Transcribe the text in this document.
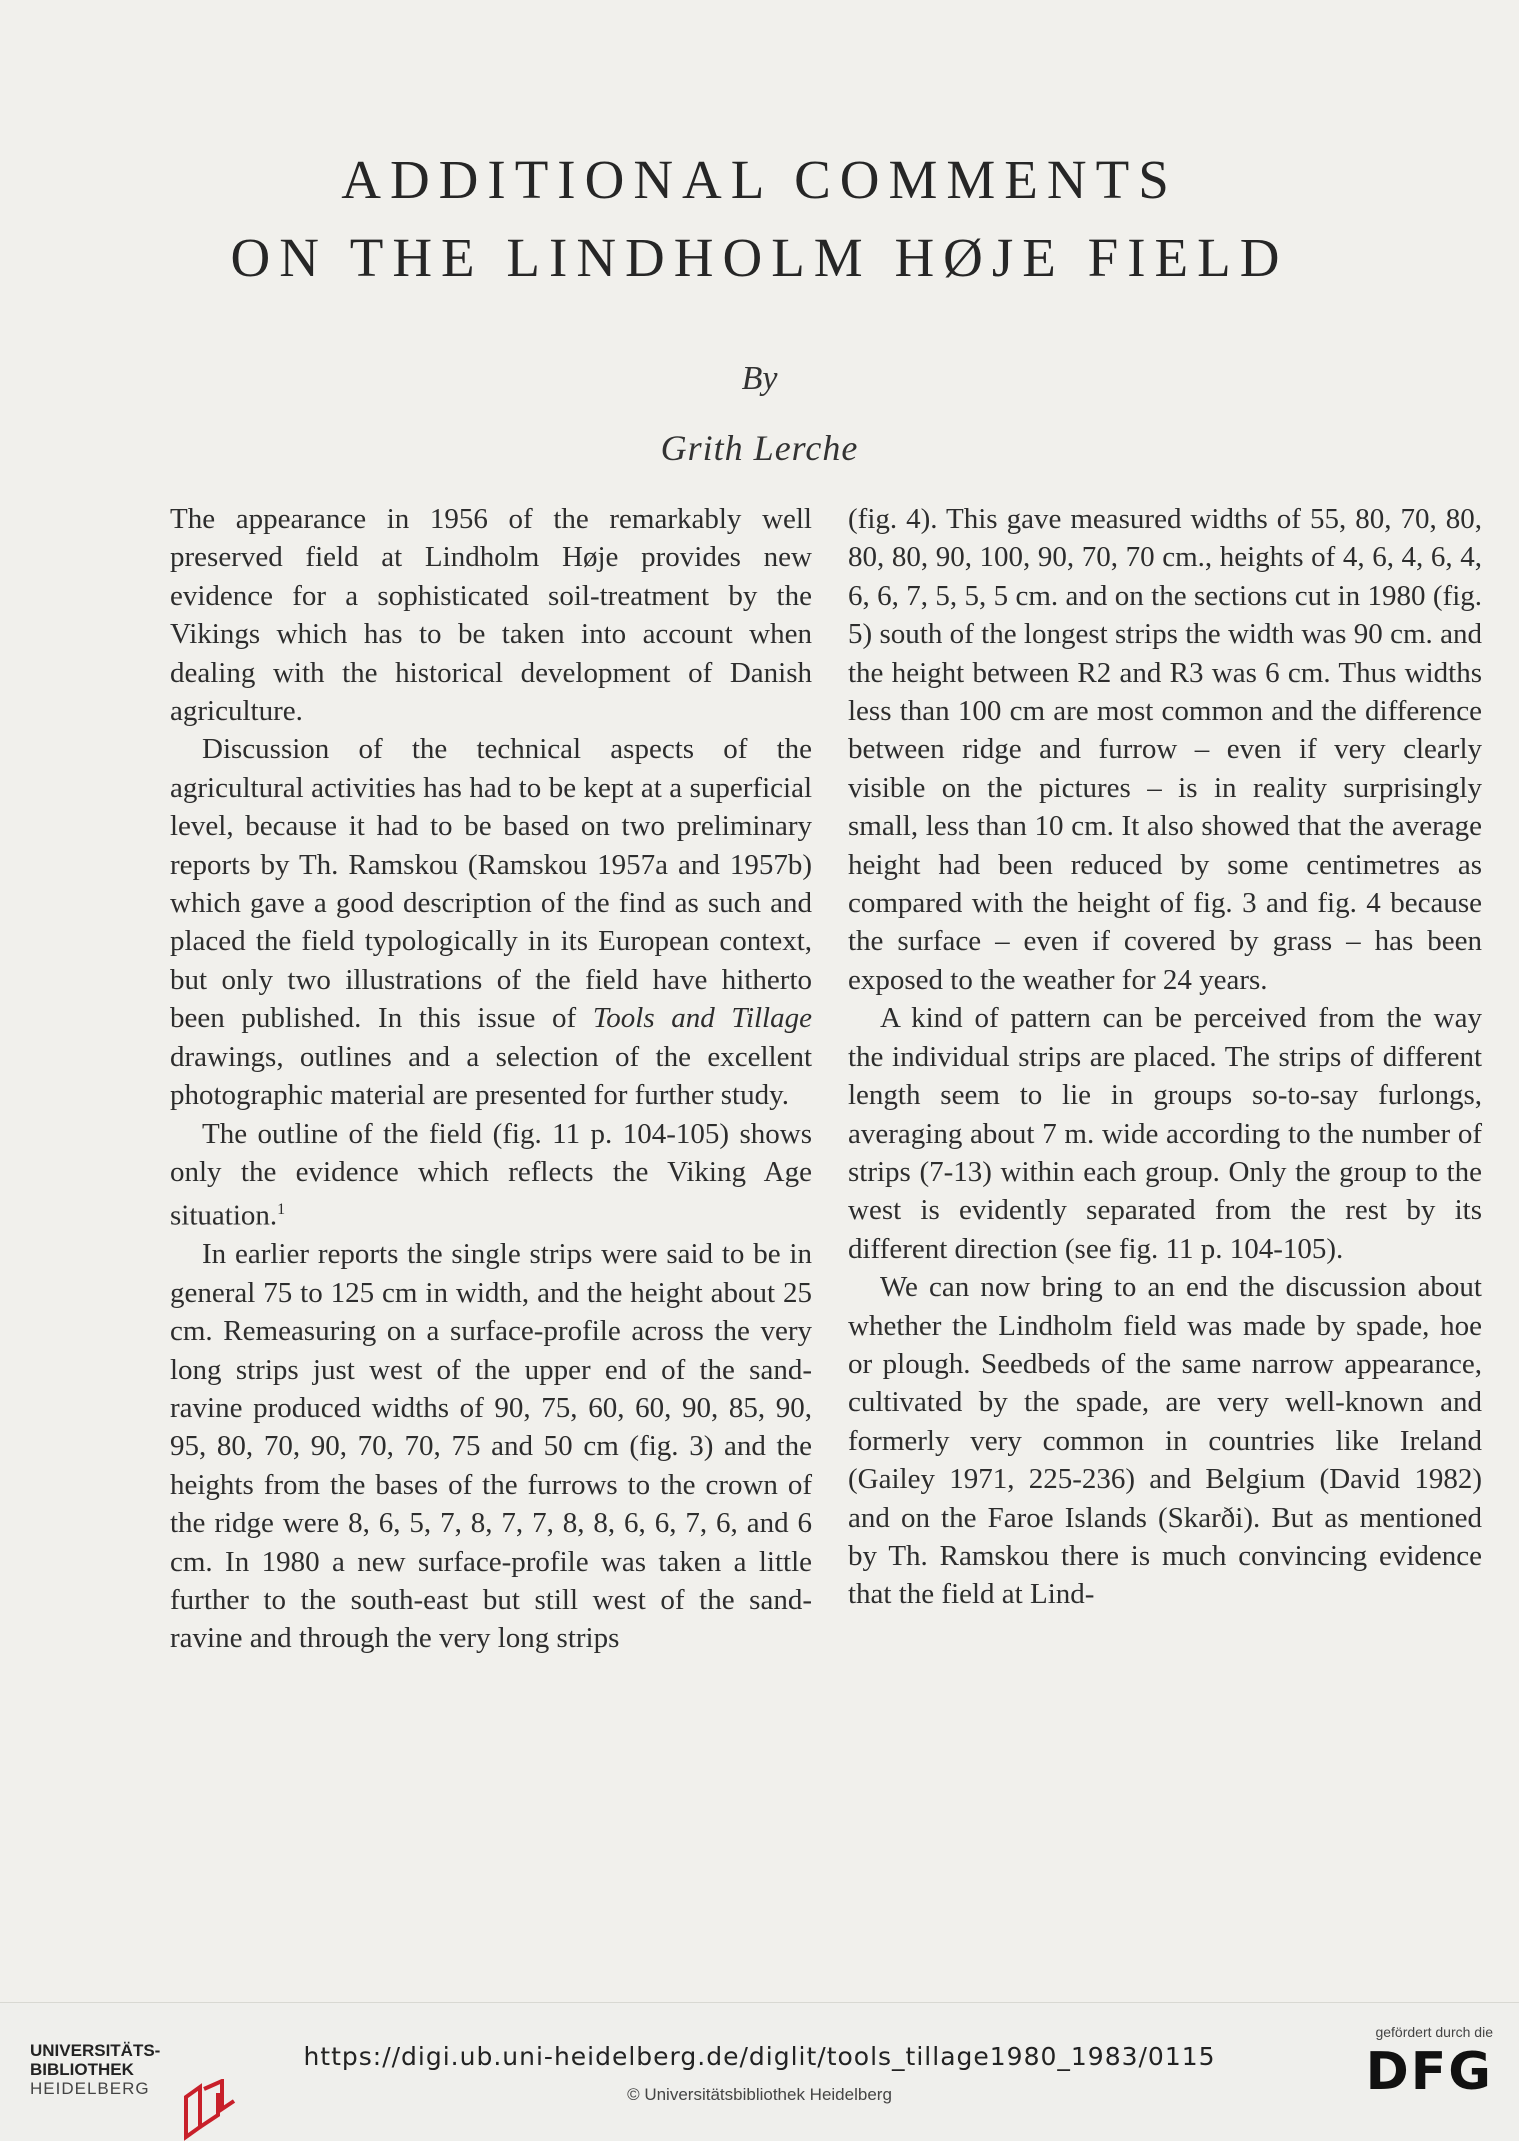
ADDITIONAL COMMENTS
ON THE LINDHOLM HØJE FIELD
By
Grith Lerche

The appearance in 1956 of the remarkably well preserved field at Lindholm Høje provides new evidence for a sophisticated soil-treatment by the Vikings which has to be taken into account when dealing with the historical development of Danish agriculture.

Discussion of the technical aspects of the agricultural activities has had to be kept at a superficial level, because it had to be based on two preliminary reports by Th. Ramskou (Ramskou 1957a and 1957b) which gave a good description of the find as such and placed the field typologically in its European context, but only two illustrations of the field have hitherto been published. In this issue of Tools and Tillage drawings, outlines and a selection of the excellent photographic material are presented for further study.

The outline of the field (fig. 11 p. 104-105) shows only the evidence which reflects the Viking Age situation.$^1$

In earlier reports the single strips were said to be in general 75 to 125 cm in width, and the height about 25 cm. Remeasuring on a surface-profile across the very long strips just west of the upper end of the sand-ravine produced widths of 90, 75, 60, 60, 90, 85, 90, 95, 80, 70, 90, 70, 70, 75 and 50 cm (fig. 3) and the heights from the bases of the furrows to the crown of the ridge were 8, 6, 5, 7, 8, 7, 7, 8, 8, 6, 6, 7, 6, and 6 cm. In 1980 a new surface-profile was taken a little further to the south-east but still west of the sand-ravine and through the very long strips

(fig. 4). This gave measured widths of 55, 80, 70, 80, 80, 80, 90, 100, 90, 70, 70 cm., heights of 4, 6, 4, 6, 4, 6, 6, 7, 5, 5, 5 cm. and on the sections cut in 1980 (fig. 5) south of the longest strips the width was 90 cm. and the height between R2 and R3 was 6 cm. Thus widths less than 100 cm are most common and the difference between ridge and furrow – even if very clearly visible on the pictures – is in reality surprisingly small, less than 10 cm. It also showed that the average height had been reduced by some centimetres as compared with the height of fig. 3 and fig. 4 because the surface – even if covered by grass – has been exposed to the weather for 24 years.

A kind of pattern can be perceived from the way the individual strips are placed. The strips of different length seem to lie in groups so-to-say furlongs, averaging about 7 m. wide according to the number of strips (7-13) within each group. Only the group to the west is evidently separated from the rest by its different direction (see fig. 11 p. 104-105).

We can now bring to an end the discussion about whether the Lindholm field was made by spade, hoe or plough. Seedbeds of the same narrow appearance, cultivated by the spade, are very well-known and formerly very common in countries like Ireland (Gailey 1971, 225-236) and Belgium (David 1982) and on the Faroe Islands (Skarði). But as mentioned by Th. Ramskou there is much convincing evidence that the field at Lind-

UNIVERSITÄTS-
BIBLIOTHEK
HEIDELBERG
https://digi.ub.uni-heidelberg.de/diglit/tools_tillage1980_1983/0115
© Universitätsbibliothek Heidelberg
gefördert durch die
DFG
